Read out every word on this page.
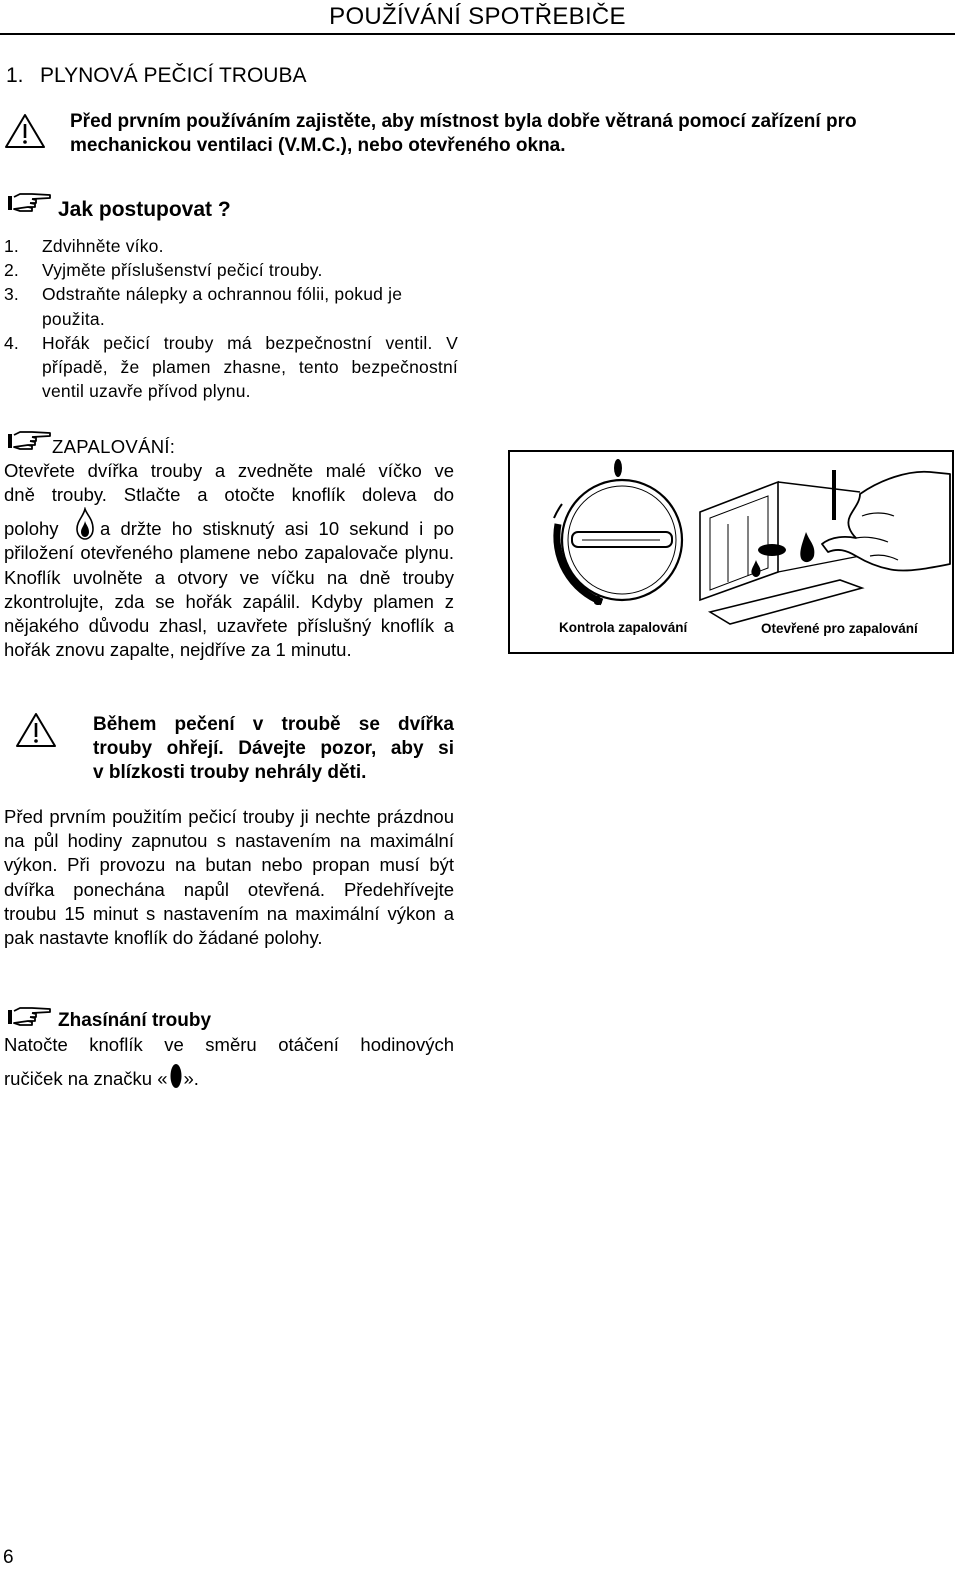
POUŽÍVÁNÍ SPOTŘEBIČE
1. PLYNOVÁ PEČICÍ TROUBA
Před prvním používáním zajistěte, aby místnost byla dobře větraná pomocí zařízení pro
mechanickou ventilaci (V.M.C.), nebo otevřeného okna.
Jak postupovat ?
1. Zdvihněte víko.
2. Vyjměte příslušenství pečicí trouby.
3. Odstraňte nálepky a ochrannou fólii, pokud je použita.
4. Hořák pečicí trouby má bezpečnostní ventil. V případě, že plamen zhasne, tento bezpečnostní ventil uzavře přívod plynu.
ZAPALOVÁNÍ:
Otevřete dvířka trouby a zvedněte malé víčko ve
dně trouby. Stlačte a otočte knoflík doleva do
polohy a držte ho stisknutý asi 10 sekund i po
přiložení otevřeného plamene nebo zapalovače plynu. Knoflík uvolněte a otvory ve víčku na dně trouby zkontrolujte, zda se hořák zapálil. Kdyby plamen z nějakého důvodu zhasl, uzavřete příslušný knoflík a hořák znovu zapalte, nejdříve za 1 minutu.
Kontrola zapalování	Otevřené pro zapalování
Během pečení v troubě se dvířka
trouby ohřejí. Dávejte pozor, aby si
v blízkosti trouby nehrály děti.
Před prvním použitím pečicí trouby ji nechte prázdnou na půl hodiny zapnutou s nastavením na maximální výkon. Při provozu na butan nebo propan musí být dvířka ponechána napůl otevřená. Předehřívejte troubu 15 minut s nastavením na maximální výkon a pak nastavte knoflík do žádané polohy.
Zhasínání trouby
Natočte knoflík ve směru otáčení hodinových
ručiček na značku « ».
6
